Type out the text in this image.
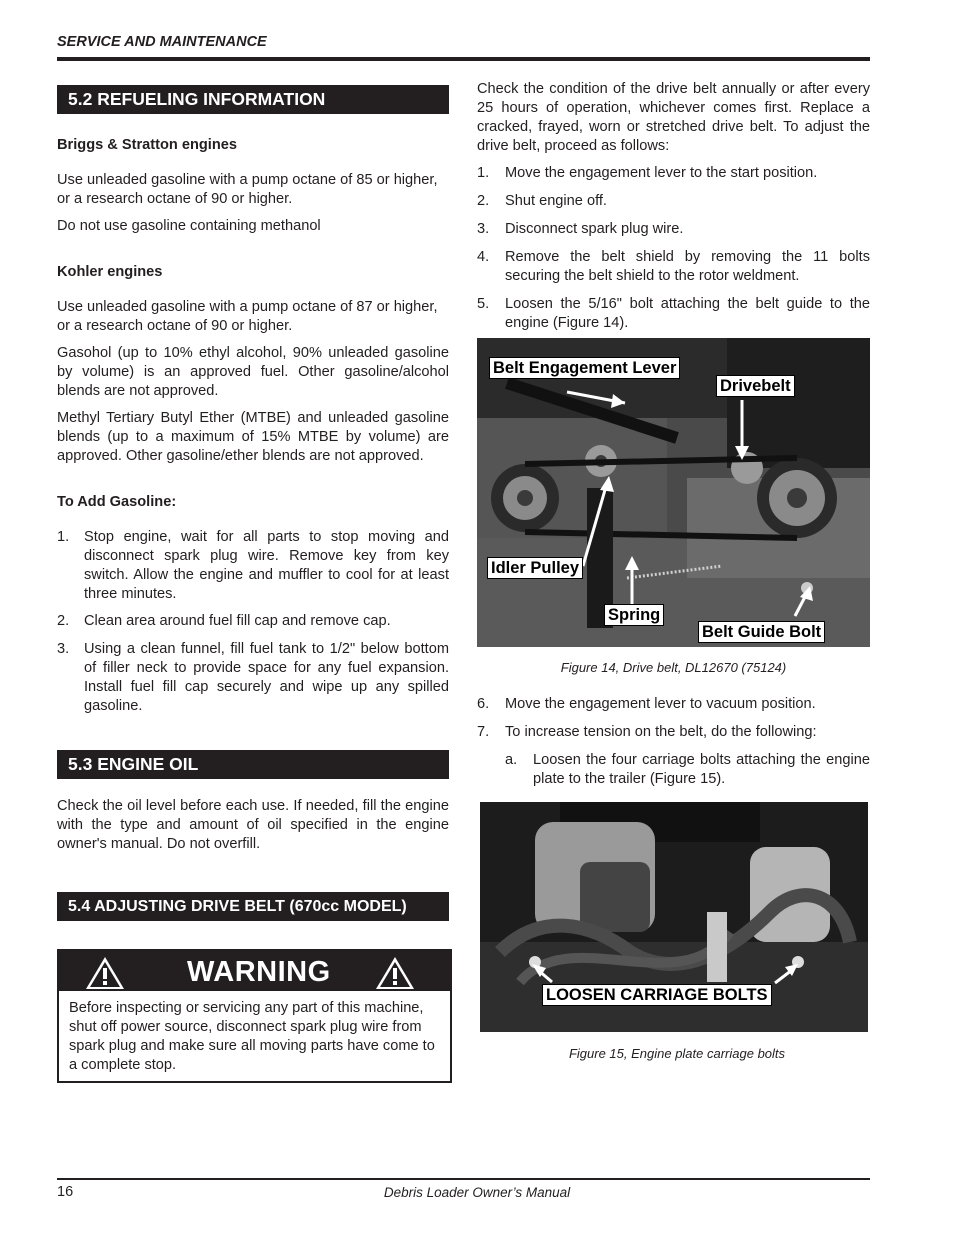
SERVICE AND MAINTENANCE
5.2 REFUELING INFORMATION
Briggs & Stratton engines

Use unleaded gasoline with a pump octane of 85 or higher, or a research octane of 90 or higher.

Do not use gasoline containing methanol

Kohler engines

Use unleaded gasoline with a pump octane of 87 or higher, or a research octane of 90 or higher.

Gasohol (up to 10% ethyl alcohol, 90% unleaded gasoline by volume) is an approved fuel. Other gasoline/alcohol blends are not approved.

Methyl Tertiary Butyl Ether (MTBE) and unleaded gasoline blends (up to a maximum of 15% MTBE by volume) are approved. Other gasoline/ether blends are not approved.

To Add Gasoline:
1. Stop engine, wait for all parts to stop moving and disconnect spark plug wire. Remove key from key switch. Allow the engine and muffler to cool for at least three minutes.
2. Clean area around fuel fill cap and remove cap.
3. Using a clean funnel, fill fuel tank to 1/2" below bottom of filler neck to provide space for any fuel expansion. Install fuel fill cap securely and wipe up any spilled gasoline.
5.3 ENGINE OIL

Check the oil level before each use. If needed, fill the engine with the type and amount of oil specified in the engine owner's manual. Do not overfill.

5.4 ADJUSTING DRIVE BELT (670cc MODEL)
WARNING
Before inspecting or servicing any part of this machine, shut off power source, disconnect spark plug wire from spark plug and make sure all moving parts have come to a complete stop.

Check the condition of the drive belt annually or after every 25 hours of operation, whichever comes first. Replace a cracked, frayed, worn or stretched drive belt. To adjust the drive belt, proceed as follows:

1. Move the engagement lever to the start position.
2. Shut engine off.
3. Disconnect spark plug wire.
4. Remove the belt shield by removing the 11 bolts securing the belt shield to the rotor weldment.
5. Loosen the 5/16" bolt attaching the belt guide to the engine (Figure 14).
Belt Engagement Lever
Drivebelt
Idler Pulley
Spring
Belt Guide Bolt
Figure 14, Drive belt, DL12670 (75124)
6. Move the engagement lever to vacuum position.
7. To increase tension on the belt, do the following:
a. Loosen the four carriage bolts attaching the engine plate to the trailer (Figure 15).
LOOSEN CARRIAGE BOLTS
Figure 15, Engine plate carriage bolts
16	Debris Loader Owner’s Manual
